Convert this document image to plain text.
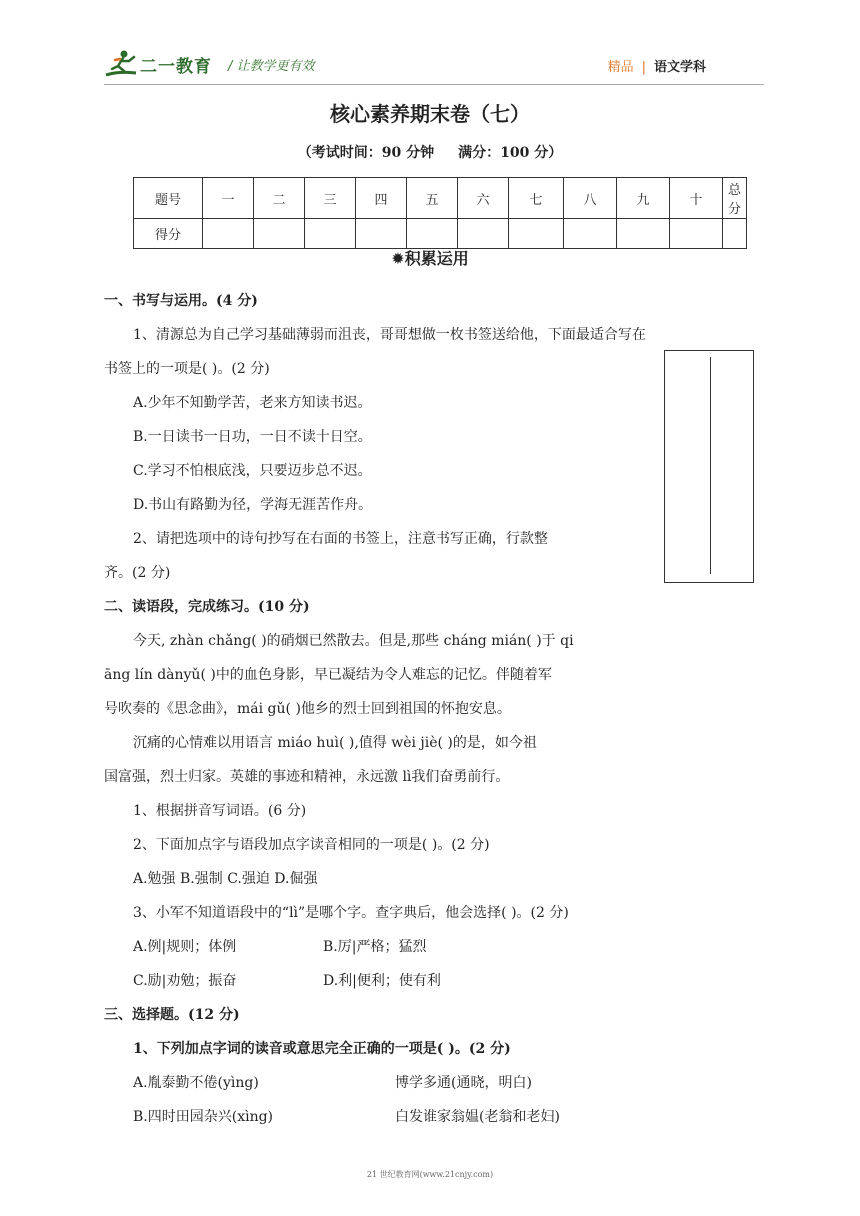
二一教育 / 让教学更有效	精品 | 语文学科
核心素养期末卷（七）
（考试时间：90 分钟 满分：100 分）
题号	一	二	三	四	五	六	七	八	九	十	总分
得分											
✹积累运用
一、书写与运用。(4 分)
1、清源总为自己学习基础薄弱而沮丧，哥哥想做一枚书签送给他，下面最适合写在
书签上的一项是( )。(2 分)
A.少年不知勤学苦，老来方知读书迟。
B.一日读书一日功，一日不读十日空。
C.学习不怕根底浅，只要迈步总不迟。
D.书山有路勤为径，学海无涯苦作舟。
2、请把选项中的诗句抄写在右面的书签上，注意书写正确，行款整
齐。(2 分)
二、读语段，完成练习。(10 分)
今天, zhàn chǎng( )的硝烟已然散去。但是,那些 cháng mián( )于 qi
āng lín dànyǔ( )中的血色身影，早已凝结为令人难忘的记忆。伴随着军
号吹奏的《思念曲》，mái gǔ( )他乡的烈士回到祖国的怀抱安息。
沉痛的心情难以用语言 miáo huì( ),值得 wèi jiè( )的是，如今祖
国富强，烈士归家。英雄的事迹和精神，永远激 lì我们奋勇前行。
1、根据拼音写词语。(6 分)
2、下面加点字与语段加点字读音相同的一项是( )。(2 分)
A.勉强 B.强制 C.强迫 D.倔强
3、小军不知道语段中的“lì”是哪个字。查字典后，他会选择( )。(2 分)
A.例|规则；体例	B.厉|严格；猛烈
C.励|劝勉；振奋	D.利|便利；使有利
三、选择题。(12 分)
1、下列加点字词的读音或意思完全正确的一项是( )。(2 分)
A.胤泰勤不倦(yìng)	博学多通(通晓，明白)
B.四时田园杂兴(xìng)	白发谁家翁媪(老翁和老妇)
21 世纪教育网(www.21cnjy.com)
